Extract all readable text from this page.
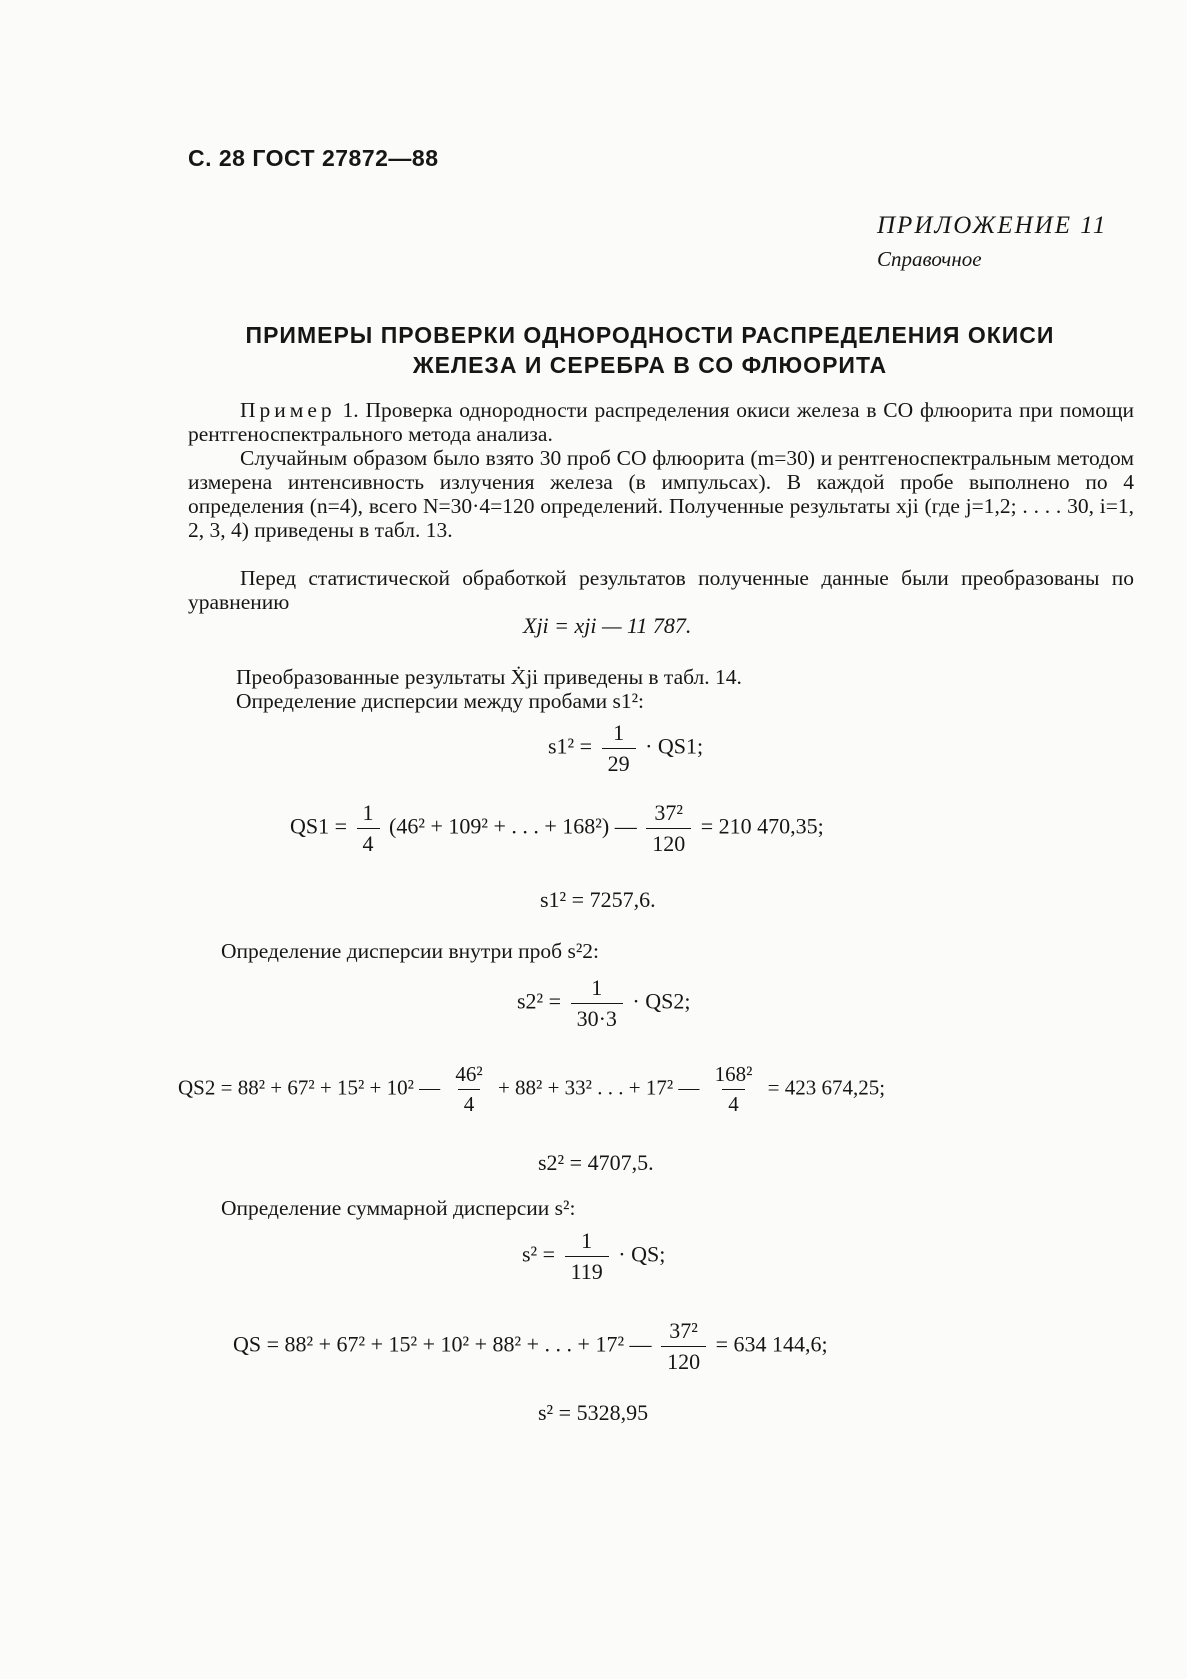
С. 28 ГОСТ 27872—88
ПРИЛОЖЕНИЕ 11
Справочное
ПРИМЕРЫ ПРОВЕРКИ ОДНОРОДНОСТИ РАСПРЕДЕЛЕНИЯ ОКИСИ
ЖЕЛЕЗА И СЕРЕБРА В СО ФЛЮОРИТА
Пример 1. Проверка однородности распределения окиси железа в СО флюорита при помощи рентгеноспектрального метода анализа.
Случайным образом было взято 30 проб СО флюорита (m=30) и рентгеноспектральным методом измерена интенсивность излучения железа (в импульсах). В каждой пробе выполнено по 4 определения (n=4), всего N=30·4=120 определений. Полученные результаты xji (где j=1,2; . . . . 30, i=1, 2, 3, 4) приведены в табл. 13.
Перед статистической обработкой результатов полученные данные были преобразованы по уравнению
Xji = xji — 11 787.
Преобразованные результаты Ẋji приведены в табл. 14.
Определение дисперсии между пробами s1²:
$s1^2 = \frac{1}{29} \cdot QS1$;
$QS1 = \frac{1}{4} (46^2 + 109^2$ + . . . + 168²) — $\frac{\text{37²}}{120} = 210$ 470,35;
s1² = 7257,6.
Определение дисперсии внутри проб s²2:
$s2^2 = \frac{1}{30\cdot 3} \cdot QS2$;
QS2 = 88² + 67² + 15² + 10² — $\frac{\text{46²}}{4} + 88^2 + 33^2$ . . . + 17² — $\frac{\text{168²}}{4} = 423$ 674,25;
s2² = 4707,5.
Определение суммарной дисперсии s²:
$s^2 = \frac{1}{119}$ · QS;
QS = 88² + 67² + 15² + 10² + 88² + . . . + 17² — $\frac{\text{37²}}{120} = 634$ 144,6;
s² = 5328,95
